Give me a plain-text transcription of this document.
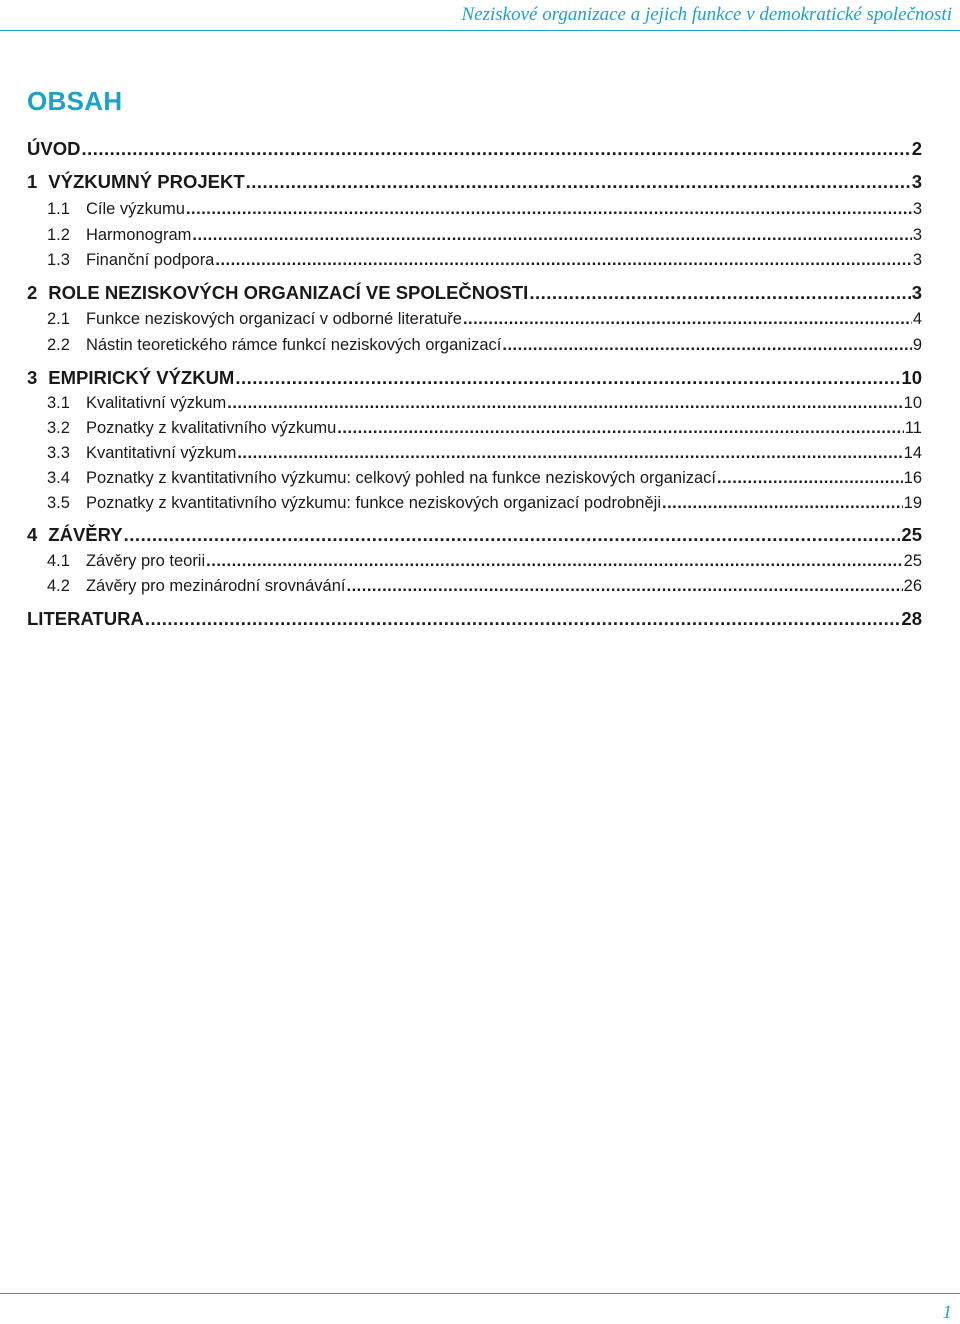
Neziskové organizace a jejich funkce v demokratické společnosti
OBSAH
ÚVOD .....	2
1 VÝZKUMNÝ PROJEKT .....	3
1.1 Cíle výzkumu .....	3
1.2 Harmonogram .....	3
1.3 Finanční podpora .....	3
2 ROLE NEZISKOVÝCH ORGANIZACÍ VE SPOLEČNOSTI .....	3
2.1 Funkce neziskových organizací v odborné literatuře .....	4
2.2 Nástin teoretického rámce funkcí neziskových organizací .....	9
3 EMPIRICKÝ VÝZKUM .....	10
3.1 Kvalitativní výzkum .....	10
3.2 Poznatky z kvalitativního výzkumu .....	11
3.3 Kvantitativní výzkum .....	14
3.4 Poznatky z kvantitativního výzkumu: celkový pohled na funkce neziskových organizací .....	16
3.5 Poznatky z kvantitativního výzkumu: funkce neziskových organizací podrobněji .....	19
4 ZÁVĚRY .....	25
4.1 Závěry pro teorii .....	25
4.2 Závěry pro mezinárodní srovnávání .....	26
LITERATURA .....	28
1
